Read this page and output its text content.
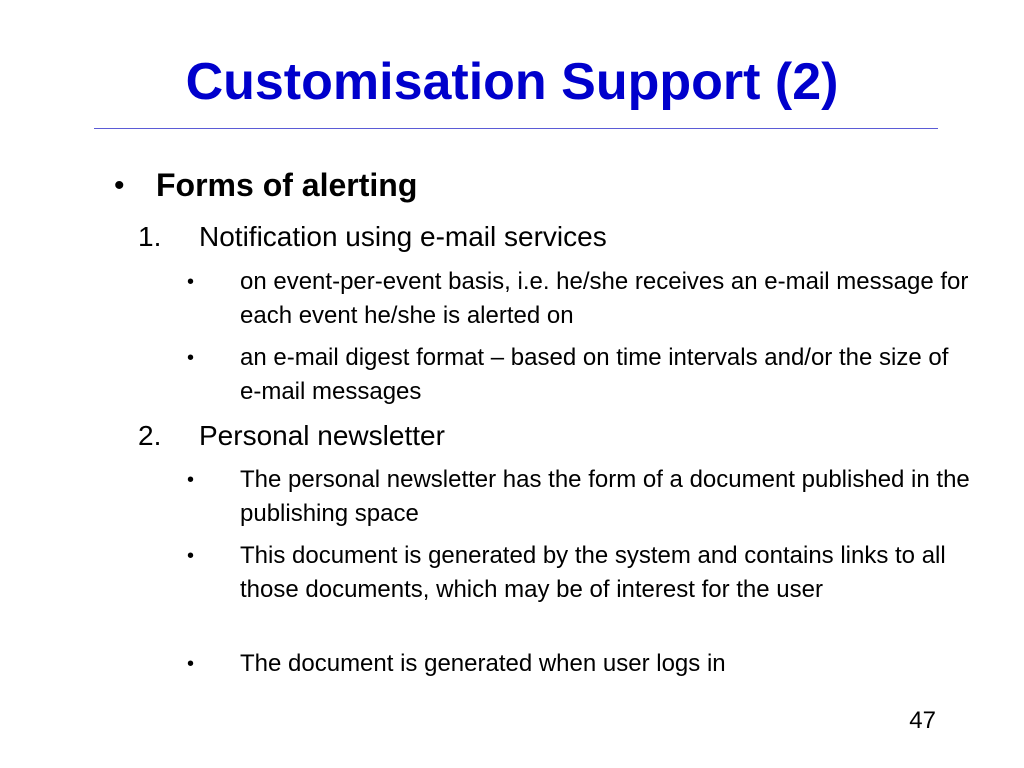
Customisation Support (2)
• Forms of alerting
1. Notification using e-mail services
• on event-per-event basis, i.e. he/she receives an e-mail message for each event he/she is alerted on
• an e-mail digest format – based on time intervals and/or the size of e-mail messages
2. Personal newsletter
• The personal newsletter has the form of a document published in the publishing space
• This document is generated by the system and contains links to all those documents, which may be of interest for the user
• The document is generated when user logs in
47
